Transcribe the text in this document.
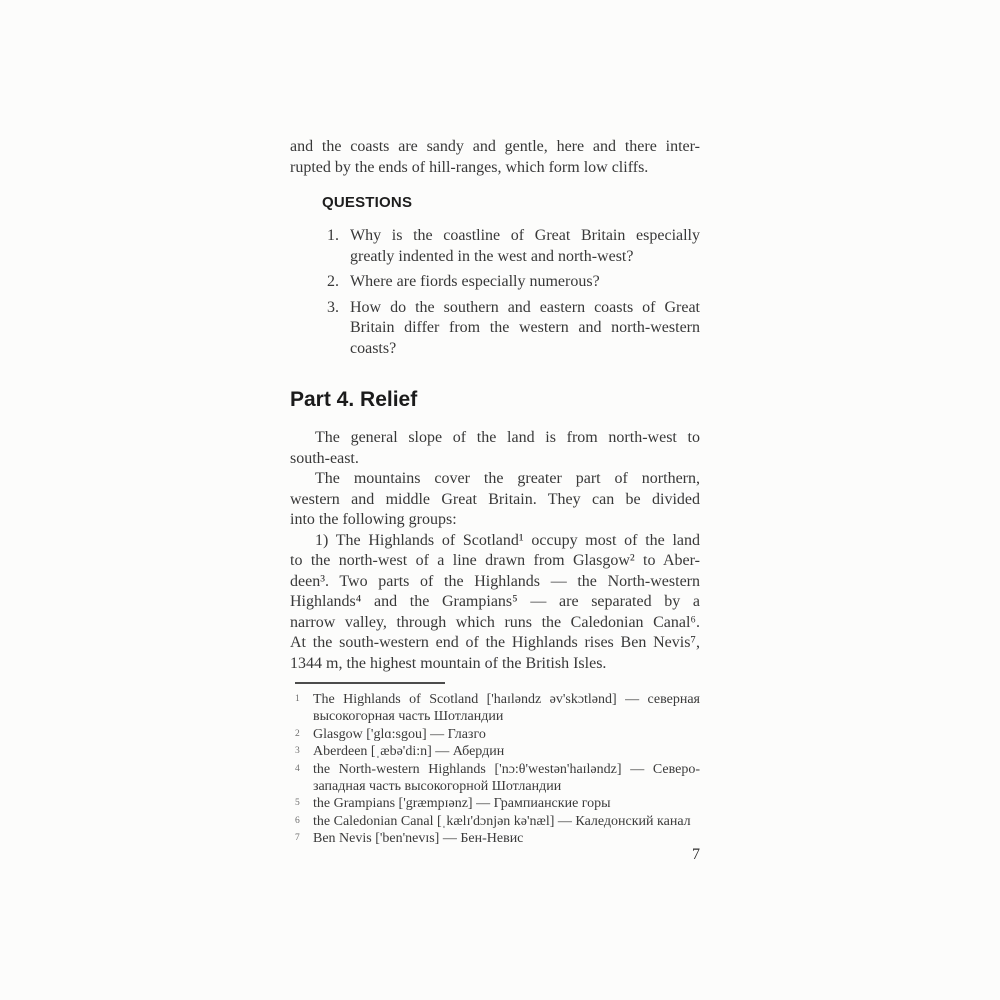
and the coasts are sandy and gentle, here and there inter-
rupted by the ends of hill-ranges, which form low cliffs.
QUESTIONS
1. Why is the coastline of Great Britain especially
greatly indented in the west and north-west?
2. Where are fiords especially numerous?
3. How do the southern and eastern coasts of Great
Britain differ from the western and north-western
coasts?
Part 4. Relief
The general slope of the land is from north-west to
south-east.
The mountains cover the greater part of northern,
western and middle Great Britain. They can be divided
into the following groups:
1) The Highlands of Scotland¹ occupy most of the land
to the north-west of a line drawn from Glasgow² to Aber-
deen³. Two parts of the Highlands — the North-western
Highlands⁴ and the Grampians⁵ — are separated by a
narrow valley, through which runs the Caledonian Canal⁶.
At the south-western end of the Highlands rises Ben Nevis⁷,
1344 m, the highest mountain of the British Isles.
1 The Highlands of Scotland ['haɪləndz əv'skɔtlənd] — северная
высокогорная часть Шотландии
2 Glasgow ['glɑ:sgou] — Глазго
3 Aberdeen [ˌæbə'di:n] — Абердин
4 the North-western Highlands ['nɔ:θ'westən'haɪləndz] — Северо-
западная часть высокогорной Шотландии
5 the Grampians ['græmpɪənz] — Грампианские горы
6 the Caledonian Canal [ˌkælɪ'dɔnjən kə'næl] — Каледонский канал
7 Ben Nevis ['ben'nevɪs] — Бен-Невис
7
